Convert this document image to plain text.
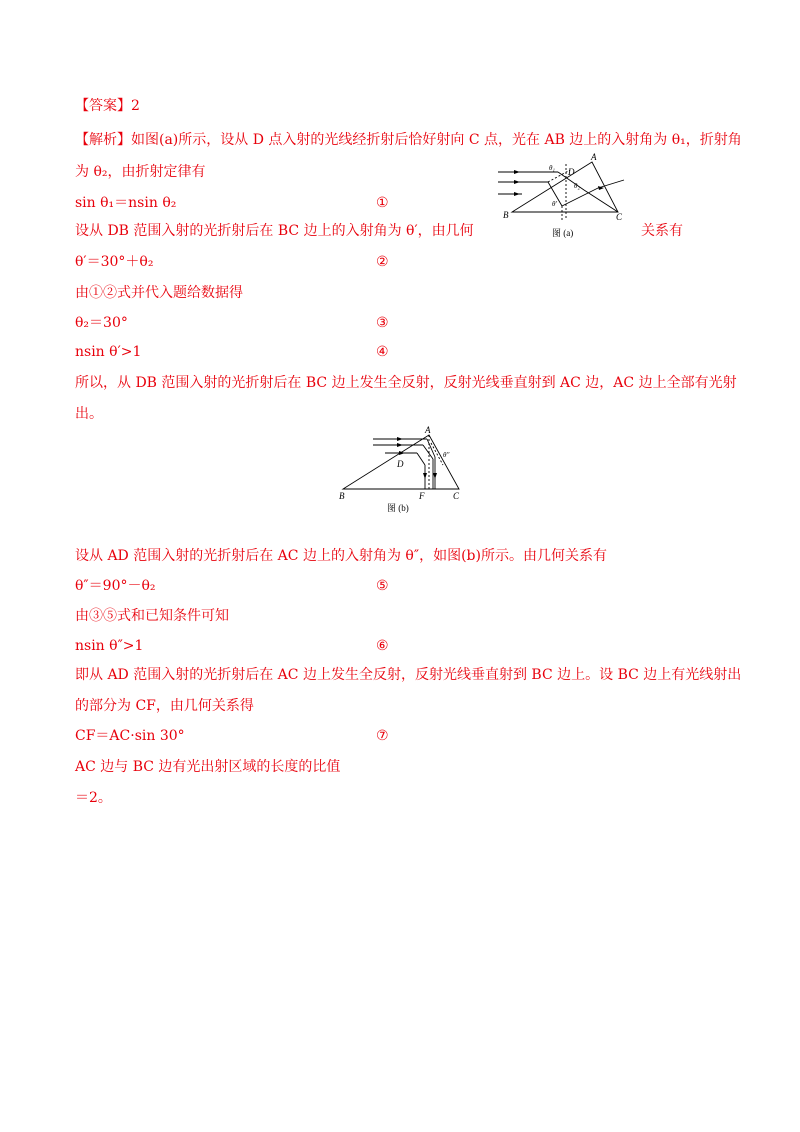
【答案】2
【解析】如图(a)所示，设从 D 点入射的光线经折射后恰好射向 C 点，光在 AB 边上的入射角为 θ₁，折射角
为 θ₂，由折射定律有
sin θ₁＝nsin θ₂	①
设从 DB 范围入射的光折射后在 BC 边上的入射角为 θ′，由几何	关系有
θ′＝30°＋θ₂	②
由①②式并代入题给数据得
θ₂＝30°	③
nsin θ′>1	④
所以，从 DB 范围入射的光折射后在 BC 边上发生全反射，反射光线垂直射到 AC 边，AC 边上全部有光射
出。
A
B	C
D
θ₁
θ₂
θ′
图 (a)
A
B	C
D
F
θ″
图 (b)
设从 AD 范围入射的光折射后在 AC 边上的入射角为 θ″，如图(b)所示。由几何关系有
θ″＝90°－θ₂	⑤
由③⑤式和已知条件可知
nsin θ″>1	⑥
即从 AD 范围入射的光折射后在 AC 边上发生全反射，反射光线垂直射到 BC 边上。设 BC 边上有光线射出
的部分为 CF，由几何关系得
CF＝AC·sin 30°	⑦
AC 边与 BC 边有光出射区域的长度的比值
＝2。
